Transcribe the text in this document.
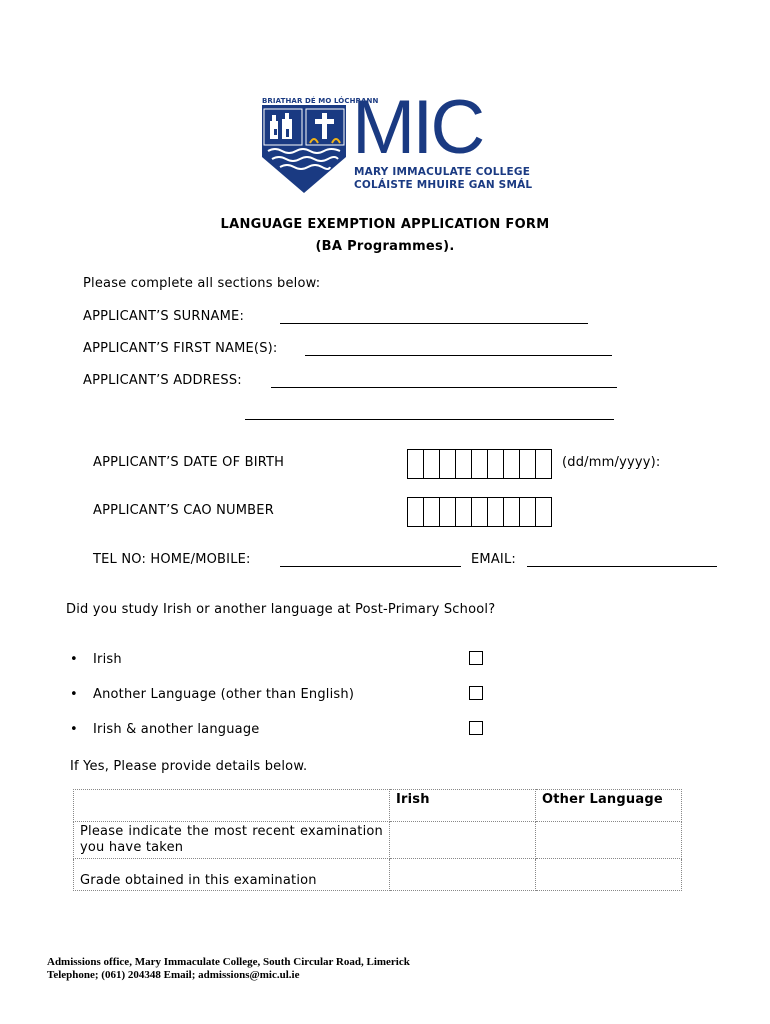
BRIATHAR DÉ MO LÓCHRANN
MIC
MARY IMMACULATE COLLEGE
COLÁISTE MHUIRE GAN SMÁL
LANGUAGE EXEMPTION APPLICATION FORM
(BA Programmes).
Please complete all sections below:
APPLICANT’S SURNAME:
APPLICANT’S FIRST NAME(S):
APPLICANT’S ADDRESS:
APPLICANT’S DATE OF BIRTH	(dd/mm/yyyy):
APPLICANT’S CAO NUMBER
TEL NO: HOME/MOBILE:	EMAIL:
Did you study Irish or another language at Post-Primary School?
• Irish
• Another Language (other than English)
• Irish & another language
If Yes, Please provide details below.
	Irish	Other Language
Please indicate the most recent examination you have taken		
Grade obtained in this examination		
Admissions office, Mary Immaculate College, South Circular Road, Limerick
Telephone; (061) 204348 Email; admissions@mic.ul.ie
